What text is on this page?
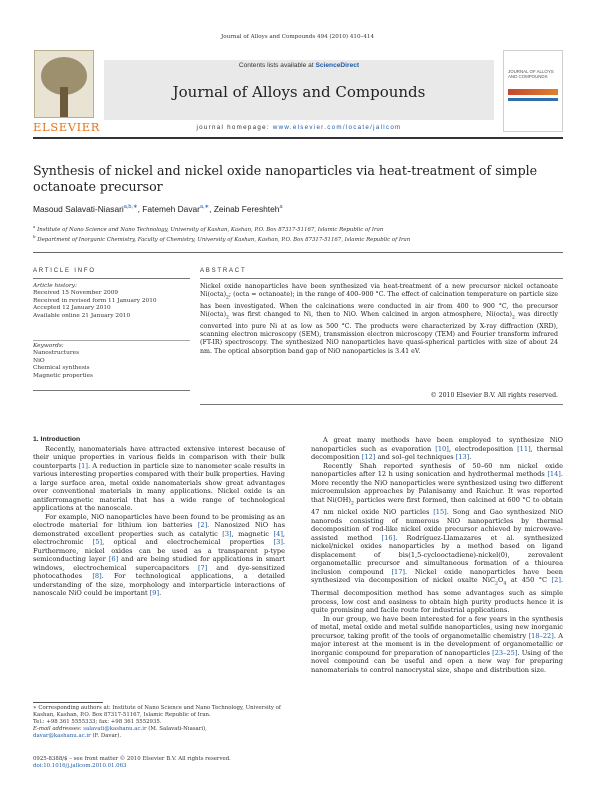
Journal of Alloys and Compounds 494 (2010) 410–414
ELSEVIER
Contents lists available at ScienceDirect
Journal of Alloys and Compounds
journal homepage: www.elsevier.com/locate/jallcom
JOURNAL OF ALLOYS AND COMPOUNDS
Synthesis of nickel and nickel oxide nanoparticles via heat-treatment of simple octanoate precursor
Masoud Salavati-Niasari$^{a,b,∗}$, Fatemeh Davar$^{a,∗}$, Zeinab Fereshteh$^a$
$^a$ Institute of Nano Science and Nano Technology, University of Kashan, Kashan, P.O. Box 87317-51167, Islamic Republic of Iran
$^b$ Department of Inorganic Chemistry, Faculty of Chemistry, University of Kashan, Kashan, P.O. Box 87317-51167, Islamic Republic of Iran
ARTICLE INFO
Article history:
Received 15 November 2009
Received in revised form 11 January 2010
Accepted 12 January 2010
Available online 21 January 2010
Keywords:
Nanostructures
NiO
Chemical synthesis
Magnetic properties
ABSTRACT
Nickel oxide nanoparticles have been synthesized via heat-treatment of a new precursor nickel octanoate $Ni(octa)_2$; (octa = octanoate); in the range of 400–900 °C. The effect of calcination temperature on particle size has been investigated. When the calcinations were conducted in air from 400 to 900 °C, the precursor $Ni(octa)_2$ was first changed to Ni, then to NiO. When calcined in argon atmosphere, $Ni(octa)_2$ was directly converted into pure Ni at as low as 500 °C. The products were characterized by X-ray diffraction (XRD), scanning electron microscopy (SEM), transmission electron microscopy (TEM) and Fourier transform infrared (FT-IR) spectroscopy. The synthesized NiO nanoparticles have quasi-spherical particles with size of about 24 nm. The optical absorption band gap of NiO nanoparticles is 3.41 eV.
© 2010 Elsevier B.V. All rights reserved.

1. Introduction

Recently, nanomaterials have attracted extensive interest because of their unique properties in various fields in comparison with their bulk counterparts [1]. A reduction in particle size to nanometer scale results in various interesting properties compared with their bulk properties. Having a large surface area, metal oxide nanomaterials show great advantages over conventional materials in many applications. Nickel oxide is an antiferromagnetic material that has a wide range of technological applications at the nanoscale.

For example, NiO nanoparticles have been found to be promising as an electrode material for lithium ion batteries [2]. Nanosized NiO has demonstrated excellent properties such as catalytic [3], magnetic [4], electrochromic [5], optical and electrochemical properties [3]. Furthermore, nickel oxides can be used as a transparent p-type semiconducting layer [6] and are being studied for applications in smart windows, electrochemical supercapacitors [7] and dye-sensitized photocathodes [8]. For technological applications, a detailed understanding of the size, morphology and interparticle interactions of nanoscale NiO could be important [9].

∗ Corresponding authors at: Institute of Nano Science and Nano Technology, University of Kashan, Kashan, P.O. Box 87317-51167, Islamic Republic of Iran.
Tel.: +98 361 5555333; fax: +98 361 5552935.
E-mail addresses: salavati@kashanu.ac.ir (M. Salavati-Niasari),
davar@kashanu.ac.ir (F. Davar).
0925-8388/$ – see front matter © 2010 Elsevier B.V. All rights reserved.
doi:10.1016/j.jallcom.2010.01.063

A great many methods have been employed to synthesize NiO nanoparticles such as evaporation [10], electrodeposition [11], thermal decomposition [12] and sol–gel techniques [13].

Recently Shah reported synthesis of 50–60 nm nickel oxide nanoparticles after 12 h using sonication and hydrothermal methods [14]. More recently the NiO nanoparticles were synthesized using two different microemulsion approaches by Palanisamy and Raichur. It was reported that $Ni(OH)_2$ particles were first formed, then calcined at 600 °C to obtain 47 nm nickel oxide NiO particles [15]. Song and Gao synthesized NiO nanorods consisting of numerous NiO nanoparticles by thermal decomposition of rod-like nickel oxide precursor achieved by microwave-assisted method [16]. Rodríguez-Llamazares et al. synthesized nickel/nickel oxides nanoparticles by a method based on ligand displacement of bis(1,5-cyclooctadiene)-nickel(0), zerovalent organometallic precursor and simultaneous formation of a thiourea inclusion compound [17]. Nickel oxide nanoparticles have been synthesized via decomposition of nickel oxalte $NiC_2O_4$ at 450 °C [2]. Thermal decomposition method has some advantages such as simple process, low cost and easiness to obtain high purity products hence it is quite promising and facile route for industrial applications.

In our group, we have been interested for a few years in the synthesis of metal, metal oxide and metal sulfide nanoparticles, using new inorganic precursor, taking profit of the tools of organometallic chemistry [18–22]. A major interest at the moment is in the development of organometallic or inorganic compound for preparation of nanoparticles [23–25]. Using of the novel compound can be useful and open a new way for preparing nanomaterials to control nanocrystal size, shape and distribution size.
